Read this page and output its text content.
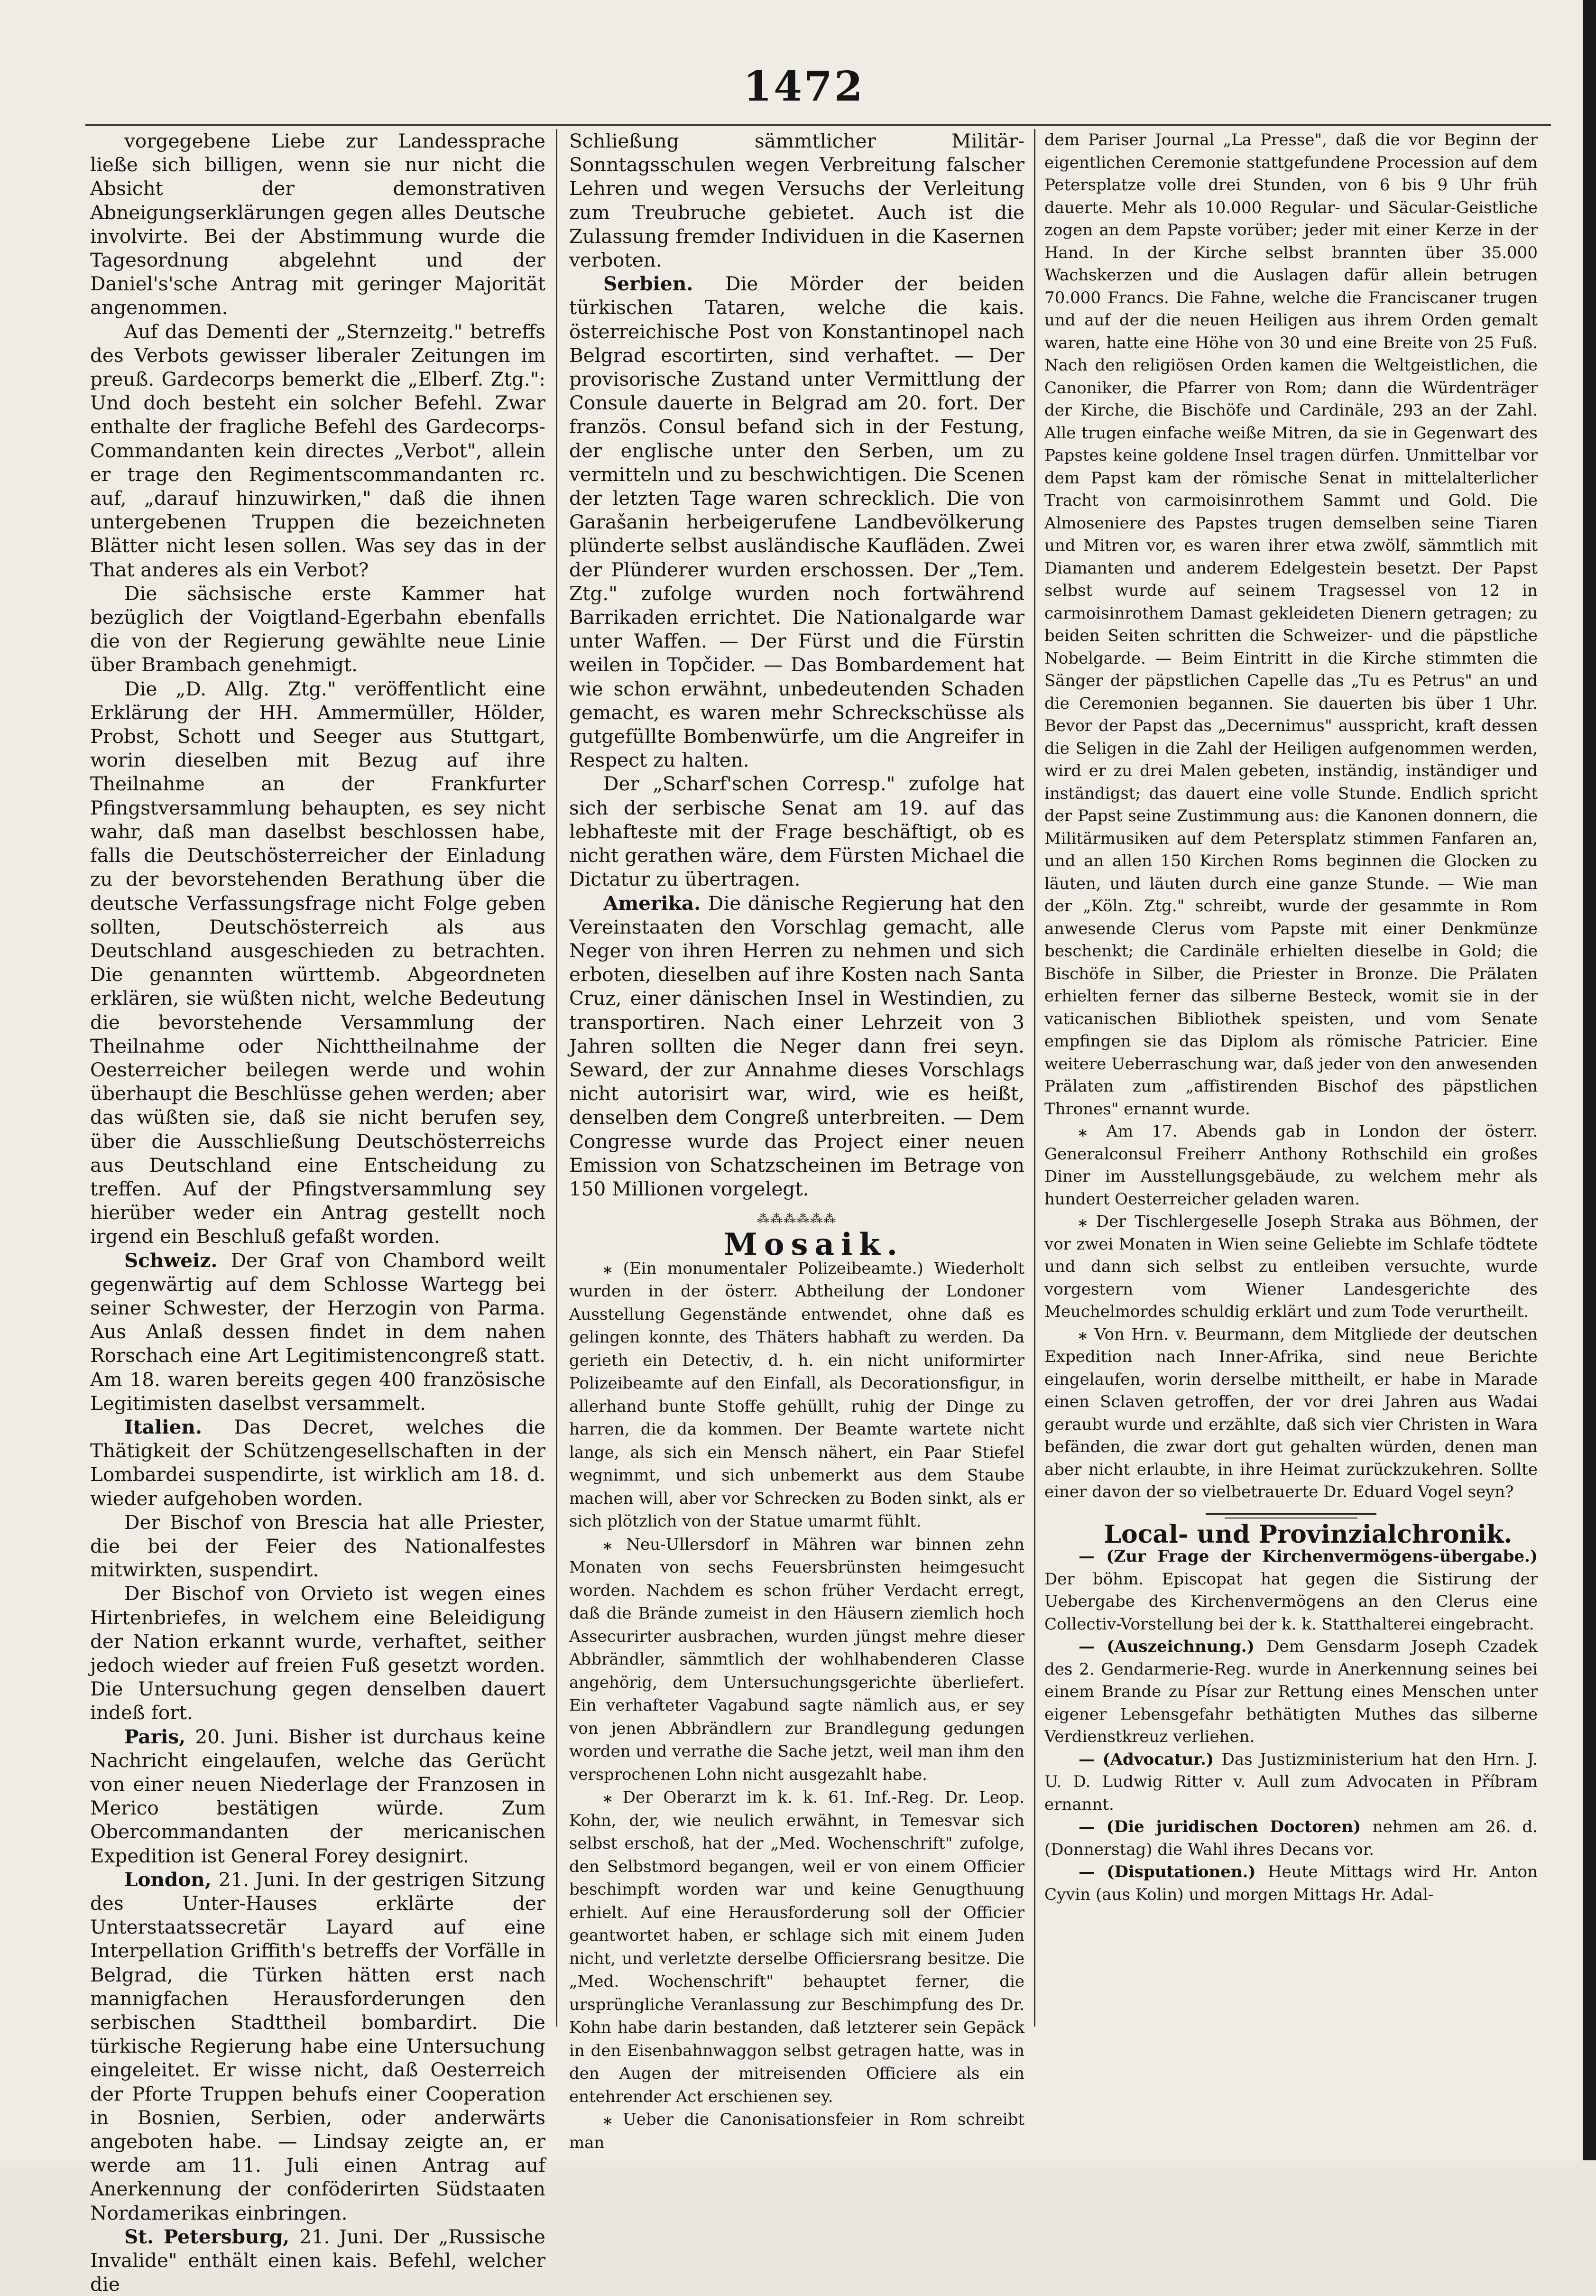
1472

vorgegebene Liebe zur Landessprache ließe sich billigen, wenn sie nur nicht die Absicht der demonstrativen Abneigungserklärungen gegen alles Deutsche involvirte. Bei der Abstimmung wurde die Tagesordnung abgelehnt und der Daniel's'sche Antrag mit geringer Majorität angenommen.

Auf das Dementi der „Sternzeitg." betreffs des Verbots gewisser liberaler Zeitungen im preuß. Gardecorps bemerkt die „Elberf. Ztg.": Und doch besteht ein solcher Befehl. Zwar enthalte der fragliche Befehl des Gardecorps-Commandanten kein directes „Verbot", allein er trage den Regimentscommandanten rc. auf, „darauf hinzuwirken," daß die ihnen untergebenen Truppen die bezeichneten Blätter nicht lesen sollen. Was sey das in der That anderes als ein Verbot?

Die sächsische erste Kammer hat bezüglich der Voigtland-Egerbahn ebenfalls die von der Regierung gewählte neue Linie über Brambach genehmigt.

Die „D. Allg. Ztg." veröffentlicht eine Erklärung der HH. Ammermüller, Hölder, Probst, Schott und Seeger aus Stuttgart, worin dieselben mit Bezug auf ihre Theilnahme an der Frankfurter Pfingstversammlung behaupten, es sey nicht wahr, daß man daselbst beschlossen habe, falls die Deutschösterreicher der Einladung zu der bevorstehenden Berathung über die deutsche Verfassungsfrage nicht Folge geben sollten, Deutschösterreich als aus Deutschland ausgeschieden zu betrachten. Die genannten württemb. Abgeordneten erklären, sie wüßten nicht, welche Bedeutung die bevorstehende Versammlung der Theilnahme oder Nichttheilnahme der Oesterreicher beilegen werde und wohin überhaupt die Beschlüsse gehen werden; aber das wüßten sie, daß sie nicht berufen sey, über die Ausschließung Deutschösterreichs aus Deutschland eine Entscheidung zu treffen. Auf der Pfingstversammlung sey hierüber weder ein Antrag gestellt noch irgend ein Beschluß gefaßt worden.

Schweiz. Der Graf von Chambord weilt gegenwärtig auf dem Schlosse Wartegg bei seiner Schwester, der Herzogin von Parma. Aus Anlaß dessen findet in dem nahen Rorschach eine Art Legitimistencongreß statt. Am 18. waren bereits gegen 400 französische Legitimisten daselbst versammelt.

Italien. Das Decret, welches die Thätigkeit der Schützengesellschaften in der Lombardei suspendirte, ist wirklich am 18. d. wieder aufgehoben worden.

Der Bischof von Brescia hat alle Priester, die bei der Feier des Nationalfestes mitwirkten, suspendirt.

Der Bischof von Orvieto ist wegen eines Hirtenbriefes, in welchem eine Beleidigung der Nation erkannt wurde, verhaftet, seither jedoch wieder auf freien Fuß gesetzt worden. Die Untersuchung gegen denselben dauert indeß fort.

Paris, 20. Juni. Bisher ist durchaus keine Nachricht eingelaufen, welche das Gerücht von einer neuen Niederlage der Franzosen in Merico bestätigen würde. Zum Obercommandanten der mericanischen Expedition ist General Forey designirt.

London, 21. Juni. In der gestrigen Sitzung des Unter-Hauses erklärte der Unterstaatssecretär Layard auf eine Interpellation Griffith's betreffs der Vorfälle in Belgrad, die Türken hätten erst nach mannigfachen Herausforderungen den serbischen Stadttheil bombardirt. Die türkische Regierung habe eine Untersuchung eingeleitet. Er wisse nicht, daß Oesterreich der Pforte Truppen behufs einer Cooperation in Bosnien, Serbien, oder anderwärts angeboten habe. — Lindsay zeigte an, er werde am 11. Juli einen Antrag auf Anerkennung der conföderirten Südstaaten Nordamerikas einbringen.

St. Petersburg, 21. Juni. Der „Russische Invalide" enthält einen kais. Befehl, welcher die

Schließung sämmtlicher Militär-Sonntagsschulen wegen Verbreitung falscher Lehren und wegen Versuchs der Verleitung zum Treubruche gebietet. Auch ist die Zulassung fremder Individuen in die Kasernen verboten.

Serbien. Die Mörder der beiden türkischen Tataren, welche die kais. österreichische Post von Konstantinopel nach Belgrad escortirten, sind verhaftet. — Der provisorische Zustand unter Vermittlung der Consule dauerte in Belgrad am 20. fort. Der französ. Consul befand sich in der Festung, der englische unter den Serben, um zu vermitteln und zu beschwichtigen. Die Scenen der letzten Tage waren schrecklich. Die von Garašanin herbeigerufene Landbevölkerung plünderte selbst ausländische Kaufläden. Zwei der Plünderer wurden erschossen. Der „Tem. Ztg." zufolge wurden noch fortwährend Barrikaden errichtet. Die Nationalgarde war unter Waffen. — Der Fürst und die Fürstin weilen in Topčider. — Das Bombardement hat wie schon erwähnt, unbedeutenden Schaden gemacht, es waren mehr Schreckschüsse als gutgefüllte Bombenwürfe, um die Angreifer in Respect zu halten.

Der „Scharf'schen Corresp." zufolge hat sich der serbische Senat am 19. auf das lebhafteste mit der Frage beschäftigt, ob es nicht gerathen wäre, dem Fürsten Michael die Dictatur zu übertragen.

Amerika. Die dänische Regierung hat den Vereinstaaten den Vorschlag gemacht, alle Neger von ihren Herren zu nehmen und sich erboten, dieselben auf ihre Kosten nach Santa Cruz, einer dänischen Insel in Westindien, zu transportiren. Nach einer Lehrzeit von 3 Jahren sollten die Neger dann frei seyn. Seward, der zur Annahme dieses Vorschlags nicht autorisirt war, wird, wie es heißt, denselben dem Congreß unterbreiten. — Dem Congresse wurde das Project einer neuen Emission von Schatzscheinen im Betrage von 150 Millionen vorgelegt.

⁂⁂⁂⁂⁂⁂

Mosaik.

⁎ (Ein monumentaler Polizeibeamte.) Wiederholt wurden in der österr. Abtheilung der Londoner Ausstellung Gegenstände entwendet, ohne daß es gelingen konnte, des Thäters habhaft zu werden. Da gerieth ein Detectiv, d. h. ein nicht uniformirter Polizeibeamte auf den Einfall, als Decorationsfigur, in allerhand bunte Stoffe gehüllt, ruhig der Dinge zu harren, die da kommen. Der Beamte wartete nicht lange, als sich ein Mensch nähert, ein Paar Stiefel wegnimmt, und sich unbemerkt aus dem Staube machen will, aber vor Schrecken zu Boden sinkt, als er sich plötzlich von der Statue umarmt fühlt.

⁎ Neu-Ullersdorf in Mähren war binnen zehn Monaten von sechs Feuersbrünsten heimgesucht worden. Nachdem es schon früher Verdacht erregt, daß die Brände zumeist in den Häusern ziemlich hoch Assecurirter ausbrachen, wurden jüngst mehre dieser Abbrändler, sämmtlich der wohlhabenderen Classe angehörig, dem Untersuchungsgerichte überliefert. Ein verhafteter Vagabund sagte nämlich aus, er sey von jenen Abbrändlern zur Brandlegung gedungen worden und verrathe die Sache jetzt, weil man ihm den versprochenen Lohn nicht ausgezahlt habe.

⁎ Der Oberarzt im k. k. 61. Inf.-Reg. Dr. Leop. Kohn, der, wie neulich erwähnt, in Temesvar sich selbst erschoß, hat der „Med. Wochenschrift" zufolge, den Selbstmord begangen, weil er von einem Officier beschimpft worden war und keine Genugthuung erhielt. Auf eine Herausforderung soll der Officier geantwortet haben, er schlage sich mit einem Juden nicht, und verletzte derselbe Officiersrang besitze. Die „Med. Wochenschrift" behauptet ferner, die ursprüngliche Veranlassung zur Beschimpfung des Dr. Kohn habe darin bestanden, daß letzterer sein Gepäck in den Eisenbahnwaggon selbst getragen hatte, was in den Augen der mitreisenden Officiere als ein entehrender Act erschienen sey.

⁎ Ueber die Canonisationsfeier in Rom schreibt man

dem Pariser Journal „La Presse", daß die vor Beginn der eigentlichen Ceremonie stattgefundene Procession auf dem Petersplatze volle drei Stunden, von 6 bis 9 Uhr früh dauerte. Mehr als 10.000 Regular- und Säcular-Geistliche zogen an dem Papste vorüber; jeder mit einer Kerze in der Hand. In der Kirche selbst brannten über 35.000 Wachskerzen und die Auslagen dafür allein betrugen 70.000 Francs. Die Fahne, welche die Franciscaner trugen und auf der die neuen Heiligen aus ihrem Orden gemalt waren, hatte eine Höhe von 30 und eine Breite von 25 Fuß. Nach den religiösen Orden kamen die Weltgeistlichen, die Canoniker, die Pfarrer von Rom; dann die Würdenträger der Kirche, die Bischöfe und Cardinäle, 293 an der Zahl. Alle trugen einfache weiße Mitren, da sie in Gegenwart des Papstes keine goldene Insel tragen dürfen. Unmittelbar vor dem Papst kam der römische Senat in mittelalterlicher Tracht von carmoisinrothem Sammt und Gold. Die Almoseniere des Papstes trugen demselben seine Tiaren und Mitren vor, es waren ihrer etwa zwölf, sämmtlich mit Diamanten und anderem Edelgestein besetzt. Der Papst selbst wurde auf seinem Tragsessel von 12 in carmoisinrothem Damast gekleideten Dienern getragen; zu beiden Seiten schritten die Schweizer- und die päpstliche Nobelgarde. — Beim Eintritt in die Kirche stimmten die Sänger der päpstlichen Capelle das „Tu es Petrus" an und die Ceremonien begannen. Sie dauerten bis über 1 Uhr. Bevor der Papst das „Decernimus" ausspricht, kraft dessen die Seligen in die Zahl der Heiligen aufgenommen werden, wird er zu drei Malen gebeten, inständig, inständiger und inständigst; das dauert eine volle Stunde. Endlich spricht der Papst seine Zustimmung aus: die Kanonen donnern, die Militärmusiken auf dem Petersplatz stimmen Fanfaren an, und an allen 150 Kirchen Roms beginnen die Glocken zu läuten, und läuten durch eine ganze Stunde. — Wie man der „Köln. Ztg." schreibt, wurde der gesammte in Rom anwesende Clerus vom Papste mit einer Denkmünze beschenkt; die Cardinäle erhielten dieselbe in Gold; die Bischöfe in Silber, die Priester in Bronze. Die Prälaten erhielten ferner das silberne Besteck, womit sie in der vaticanischen Bibliothek speisten, und vom Senate empfingen sie das Diplom als römische Patricier. Eine weitere Ueberraschung war, daß jeder von den anwesenden Prälaten zum „affistirenden Bischof des päpstlichen Thrones" ernannt wurde.

⁎ Am 17. Abends gab in London der österr. Generalconsul Freiherr Anthony Rothschild ein großes Diner im Ausstellungsgebäude, zu welchem mehr als hundert Oesterreicher geladen waren.

⁎ Der Tischlergeselle Joseph Straka aus Böhmen, der vor zwei Monaten in Wien seine Geliebte im Schlafe tödtete und dann sich selbst zu entleiben versuchte, wurde vorgestern vom Wiener Landesgerichte des Meuchelmordes schuldig erklärt und zum Tode verurtheilt.

⁎ Von Hrn. v. Beurmann, dem Mitgliede der deutschen Expedition nach Inner-Afrika, sind neue Berichte eingelaufen, worin derselbe mittheilt, er habe in Marade einen Sclaven getroffen, der vor drei Jahren aus Wadai geraubt wurde und erzählte, daß sich vier Christen in Wara befänden, die zwar dort gut gehalten würden, denen man aber nicht erlaubte, in ihre Heimat zurückzukehren. Sollte einer davon der so vielbetrauerte Dr. Eduard Vogel seyn?

Local- und Provinzialchronik.

— (Zur Frage der Kirchenvermögens-übergabe.) Der böhm. Episcopat hat gegen die Sistirung der Uebergabe des Kirchenvermögens an den Clerus eine Collectiv-Vorstellung bei der k. k. Statthalterei eingebracht.

— (Auszeichnung.) Dem Gensdarm Joseph Czadek des 2. Gendarmerie-Reg. wurde in Anerkennung seines bei einem Brande zu Písar zur Rettung eines Menschen unter eigener Lebensgefahr bethätigten Muthes das silberne Verdienstkreuz verliehen.

— (Advocatur.) Das Justizministerium hat den Hrn. J. U. D. Ludwig Ritter v. Aull zum Advocaten in Příbram ernannt.

— (Die juridischen Doctoren) nehmen am 26. d. (Donnerstag) die Wahl ihres Decans vor.

— (Disputationen.) Heute Mittags wird Hr. Anton Cyvin (aus Kolin) und morgen Mittags Hr. Adal-
